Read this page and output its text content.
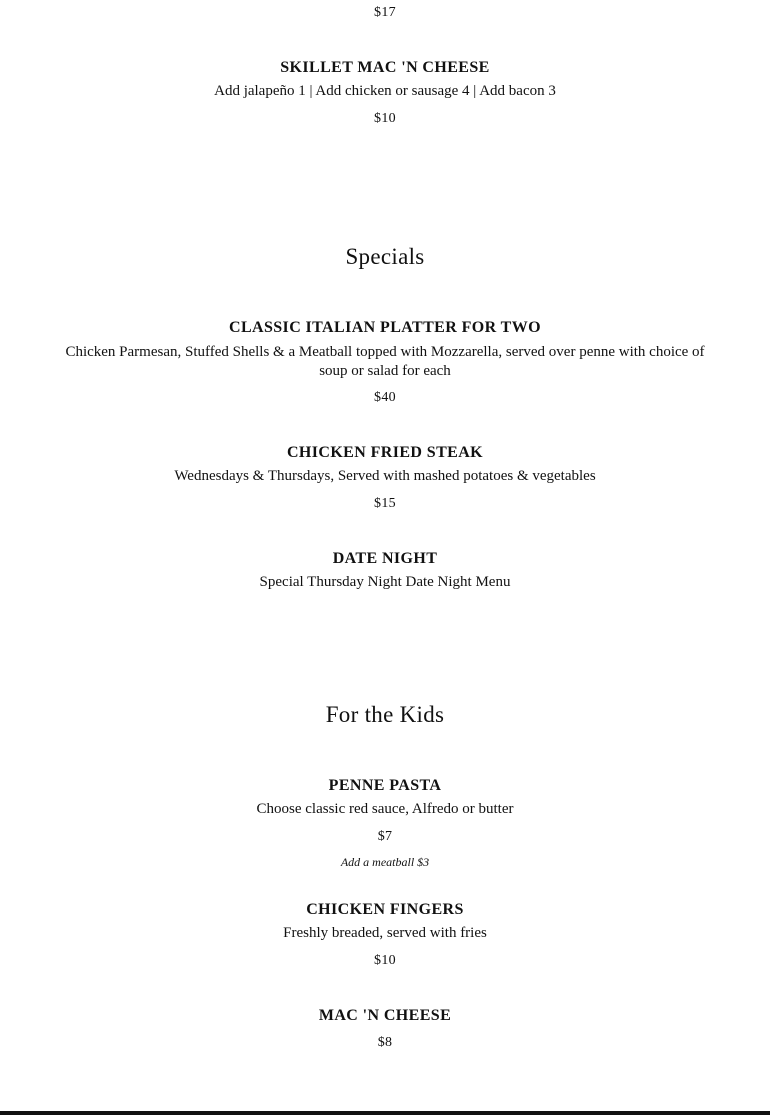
$17
SKILLET MAC 'N CHEESE
Add jalapeño 1 | Add chicken or sausage 4 | Add bacon 3
$10
Specials
CLASSIC ITALIAN PLATTER FOR TWO
Chicken Parmesan, Stuffed Shells & a Meatball topped with Mozzarella, served over penne with choice of soup or salad for each
$40
CHICKEN FRIED STEAK
Wednesdays & Thursdays, Served with mashed potatoes & vegetables
$15
DATE NIGHT
Special Thursday Night Date Night Menu
For the Kids
PENNE PASTA
Choose classic red sauce, Alfredo or butter
$7
Add a meatball $3
CHICKEN FINGERS
Freshly breaded, served with fries
$10
MAC 'N CHEESE
$8
